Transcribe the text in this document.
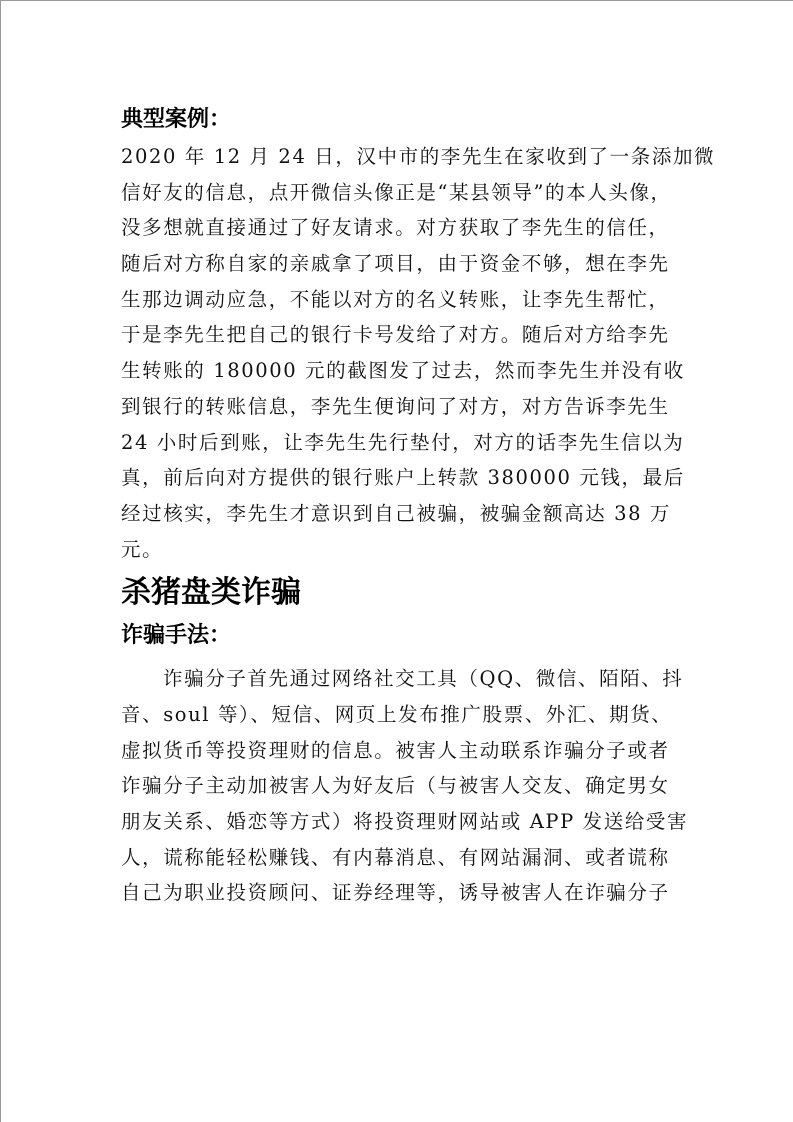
典型案例：
2020 年 12 月 24 日，汉中市的李先生在家收到了一条添加微
信好友的信息，点开微信头像正是“某县领导”的本人头像，
没多想就直接通过了好友请求。对方获取了李先生的信任，
随后对方称自家的亲戚拿了项目，由于资金不够，想在李先
生那边调动应急，不能以对方的名义转账，让李先生帮忙，
于是李先生把自己的银行卡号发给了对方。随后对方给李先
生转账的 180000 元的截图发了过去，然而李先生并没有收
到银行的转账信息，李先生便询问了对方，对方告诉李先生
24 小时后到账，让李先生先行垫付，对方的话李先生信以为
真，前后向对方提供的银行账户上转款 380000 元钱，最后
经过核实，李先生才意识到自己被骗，被骗金额高达 38 万
元。
杀猪盘类诈骗
诈骗手法：
诈骗分子首先通过网络社交工具（QQ、微信、陌陌、抖
音、soul 等）、短信、网页上发布推广股票、外汇、期货、
虚拟货币等投资理财的信息。被害人主动联系诈骗分子或者
诈骗分子主动加被害人为好友后（与被害人交友、确定男女
朋友关系、婚恋等方式）将投资理财网站或 APP 发送给受害
人，谎称能轻松赚钱、有内幕消息、有网站漏洞、或者谎称
自己为职业投资顾问、证券经理等，诱导被害人在诈骗分子
